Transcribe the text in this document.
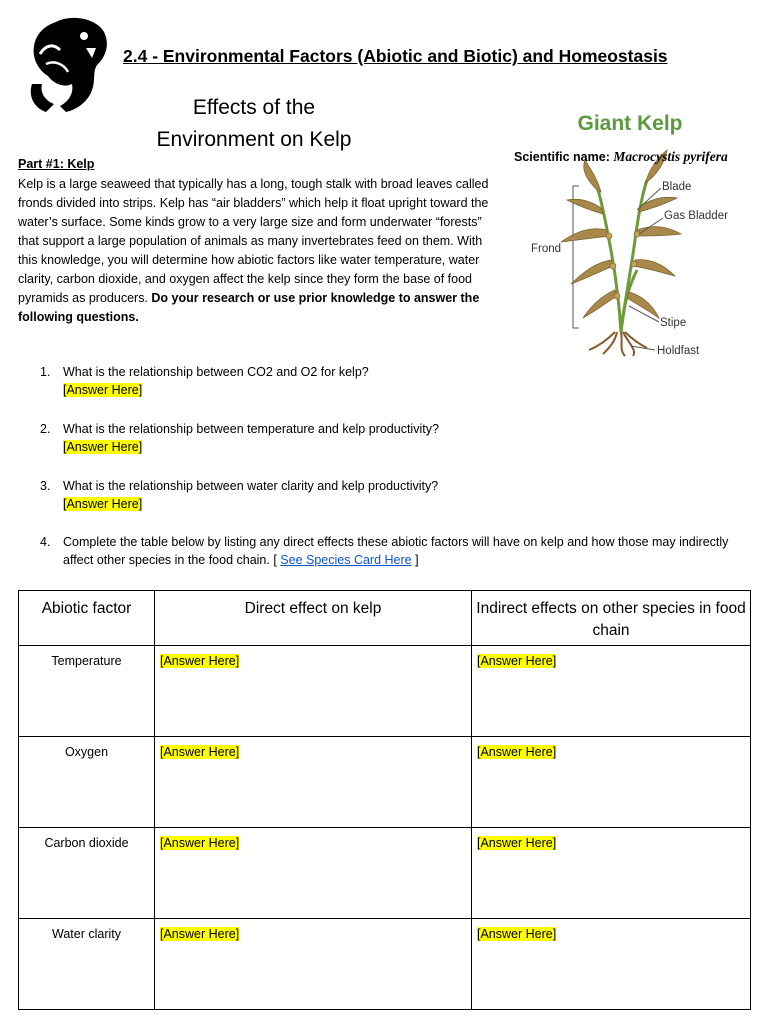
2.4 - Environmental Factors (Abiotic and Biotic) and Homeostasis
Effects of the
Environment on Kelp
Part #1: Kelp
Kelp is a large seaweed that typically has a long, tough stalk with broad leaves called fronds divided into strips. Kelp has “air bladders” which help it float upright toward the water’s surface. Some kinds grow to a very large size and form underwater “forests” that support a large population of animals as many invertebrates feed on them. With this knowledge, you will determine how abiotic factors like water temperature, water clarity, carbon dioxide, and oxygen affect the kelp since they form the base of food pyramids as producers. Do your research or use prior knowledge to answer the following questions.
Giant Kelp
Scientific name: Macrocystis pyrifera
Blade
Gas Bladder
Frond
Stipe
Holdfast
1. What is the relationship between CO2 and O2 for kelp?
[Answer Here]
2. What is the relationship between temperature and kelp productivity?
[Answer Here]
3. What is the relationship between water clarity and kelp productivity?
[Answer Here]
4. Complete the table below by listing any direct effects these abiotic factors will have on kelp and how those may indirectly affect other species in the food chain. [ See Species Card Here ]
Abiotic factor	Direct effect on kelp	Indirect effects on other species in food chain
Temperature	[Answer Here]	[Answer Here]
Oxygen	[Answer Here]	[Answer Here]
Carbon dioxide	[Answer Here]	[Answer Here]
Water clarity	[Answer Here]	[Answer Here]
